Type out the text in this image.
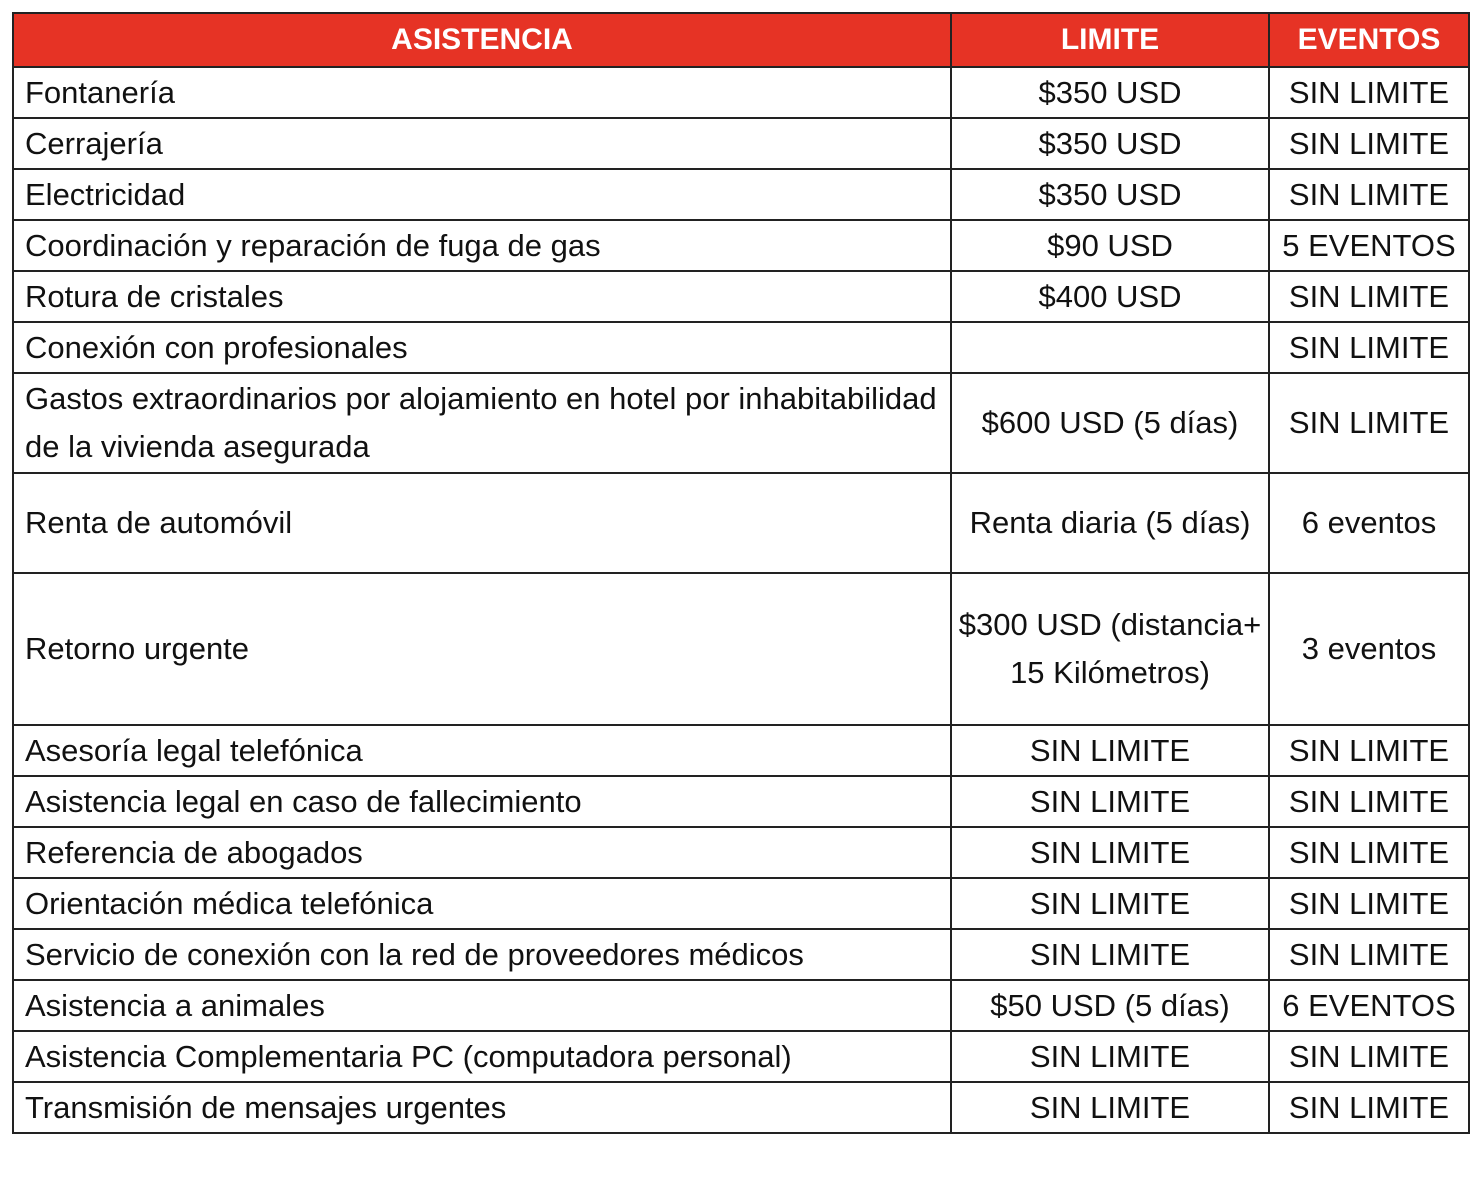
ASISTENCIA	LIMITE	EVENTOS
Fontanería	$350 USD	SIN LIMITE
Cerrajería	$350 USD	SIN LIMITE
Electricidad	$350 USD	SIN LIMITE
Coordinación y reparación de fuga de gas	$90 USD	5 EVENTOS
Rotura de cristales	$400 USD	SIN LIMITE
Conexión con profesionales		SIN LIMITE
Gastos extraordinarios por alojamiento en hotel por inhabitabilidad de la vivienda asegurada	$600 USD (5 días)	SIN LIMITE
Renta de automóvil	Renta diaria (5 días)	6 eventos
Retorno urgente	$300 USD (distancia+ 15 Kilómetros)	3 eventos
Asesoría legal telefónica	SIN LIMITE	SIN LIMITE
Asistencia legal en caso de fallecimiento	SIN LIMITE	SIN LIMITE
Referencia de abogados	SIN LIMITE	SIN LIMITE
Orientación médica telefónica	SIN LIMITE	SIN LIMITE
Servicio de conexión con la red de proveedores médicos	SIN LIMITE	SIN LIMITE
Asistencia a animales	$50 USD (5 días)	6 EVENTOS
Asistencia Complementaria PC (computadora personal)	SIN LIMITE	SIN LIMITE
Transmisión de mensajes urgentes	SIN LIMITE	SIN LIMITE
